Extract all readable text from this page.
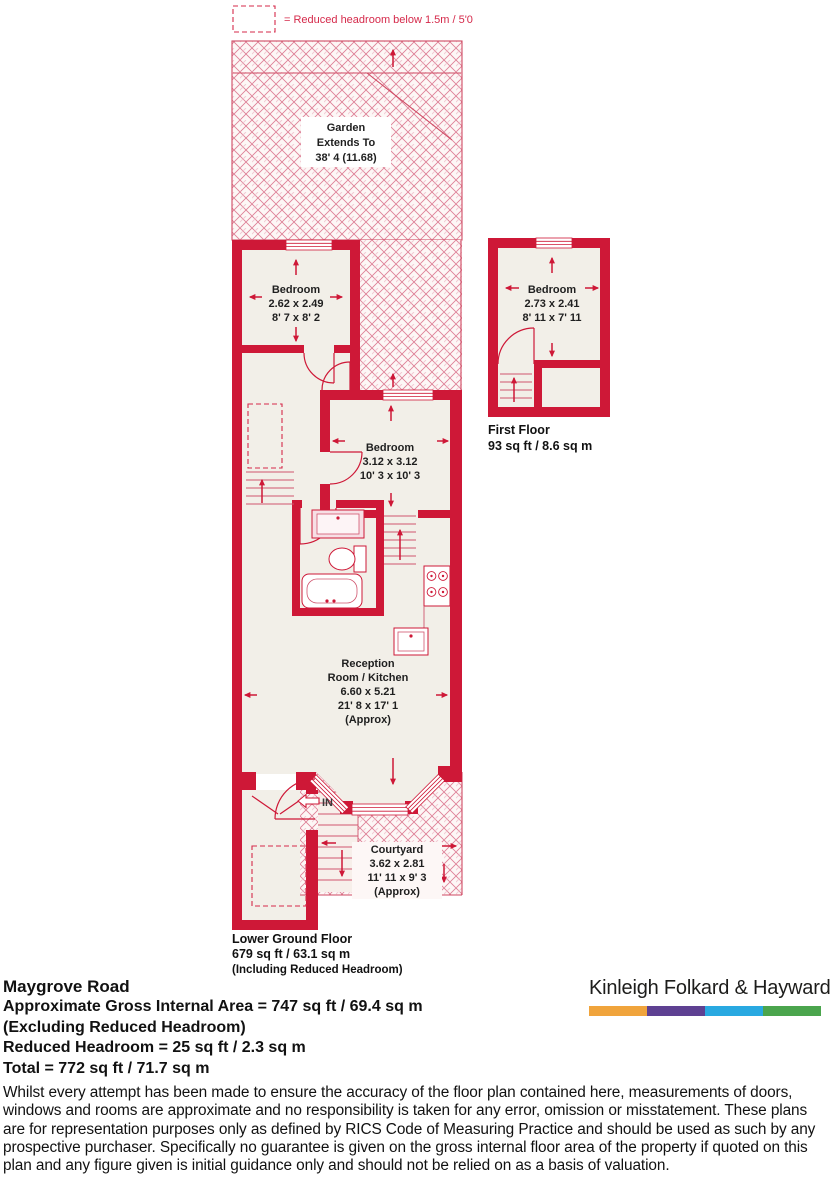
= Reduced headroom below 1.5m / 5'0
Garden
Extends To
38' 4 (11.68)
IN
Bedroom
2.62 x 2.49
8' 7 x 8' 2
Bedroom
3.12 x 3.12
10' 3 x 10' 3
Reception
Room / Kitchen
6.60 x 5.21
21' 8 x 17' 1
(Approx)
Courtyard
3.62 x 2.81
11' 11 x 9' 3
(Approx)
Bedroom
2.73 x 2.41
8' 11 x 7' 11
First Floor
93 sq ft / 8.6 sq m
Lower Ground Floor
679 sq ft / 63.1 sq m
(Including Reduced Headroom)

Maygrove Road

Approximate Gross Internal Area = 747 sq ft / 69.4 sq m

(Excluding Reduced Headroom)

Reduced Headroom = 25 sq ft / 2.3 sq m

Total = 772 sq ft / 71.7 sq m

Whilst every attempt has been made to ensure the accuracy of the floor plan contained here, measurements of doors, windows and rooms are approximate and no responsibility is taken for any error, omission or misstatement. These plans are for representation purposes only as defined by RICS Code of Measuring Practice and should be used as such by any prospective purchaser. Specifically no guarantee is given on the gross internal floor area of the property if quoted on this plan and any figure given is initial guidance only and should not be relied on as a basis of valuation.

Kinleigh Folkard & Hayward
